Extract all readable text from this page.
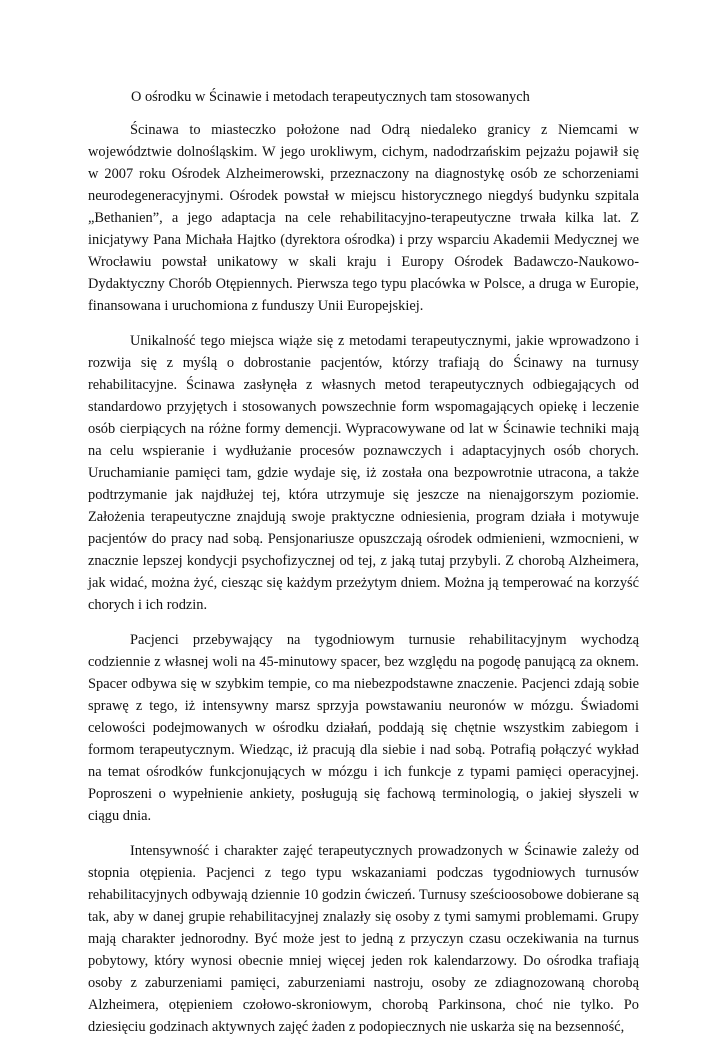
O ośrodku w Ścinawie i metodach terapeutycznych tam stosowanych

Ścinawa to miasteczko położone nad Odrą niedaleko granicy z Niemcami w województwie dolnośląskim. W jego urokliwym, cichym, nadodrzańskim pejzażu pojawił się w 2007 roku Ośrodek Alzheimerowski, przeznaczony na diagnostykę osób ze schorzeniami neurodegeneracyjnymi. Ośrodek powstał w miejscu historycznego niegdyś budynku szpitala „Bethanien”, a jego adaptacja na cele rehabilitacyjno-terapeutyczne trwała kilka lat. Z inicjatywy Pana Michała Hajtko (dyrektora ośrodka) i przy wsparciu Akademii Medycznej we Wrocławiu powstał unikatowy w skali kraju i Europy Ośrodek Badawczo-Naukowo-Dydaktyczny Chorób Otępiennych. Pierwsza tego typu placówka w Polsce, a druga w Europie, finansowana i uruchomiona z funduszy Unii Europejskiej.

Unikalność tego miejsca wiąże się z metodami terapeutycznymi, jakie wprowadzono i rozwija się z myślą o dobrostanie pacjentów, którzy trafiają do Ścinawy na turnusy rehabilitacyjne. Ścinawa zasłynęła z własnych metod terapeutycznych odbiegających od standardowo przyjętych i stosowanych powszechnie form wspomagających opiekę i leczenie osób cierpiących na różne formy demencji. Wypracowywane od lat w Ścinawie techniki mają na celu wspieranie i wydłużanie procesów poznawczych i adaptacyjnych osób chorych. Uruchamianie pamięci tam, gdzie wydaje się, iż została ona bezpowrotnie utracona, a także podtrzymanie jak najdłużej tej, która utrzymuje się jeszcze na nienajgorszym poziomie. Założenia terapeutyczne znajdują swoje praktyczne odniesienia, program działa i motywuje pacjentów do pracy nad sobą. Pensjonariusze opuszczają ośrodek odmienieni, wzmocnieni, w znacznie lepszej kondycji psychofizycznej od tej, z jaką tutaj przybyli. Z chorobą Alzheimera, jak widać, można żyć, ciesząc się każdym przeżytym dniem. Można ją temperować na korzyść chorych i ich rodzin.

Pacjenci przebywający na tygodniowym turnusie rehabilitacyjnym wychodzą codziennie z własnej woli na 45-minutowy spacer, bez względu na pogodę panującą za oknem. Spacer odbywa się w szybkim tempie, co ma niebezpodstawne znaczenie. Pacjenci zdają sobie sprawę z tego, iż intensywny marsz sprzyja powstawaniu neuronów w mózgu. Świadomi celowości podejmowanych w ośrodku działań, poddają się chętnie wszystkim zabiegom i formom terapeutycznym. Wiedząc, iż pracują dla siebie i nad sobą. Potrafią połączyć wykład na temat ośrodków funkcjonujących w mózgu i ich funkcje z typami pamięci operacyjnej. Poproszeni o wypełnienie ankiety, posługują się fachową terminologią, o jakiej słyszeli w ciągu dnia.

Intensywność i charakter zajęć terapeutycznych prowadzonych w Ścinawie zależy od stopnia otępienia. Pacjenci z tego typu wskazaniami podczas tygodniowych turnusów rehabilitacyjnych odbywają dziennie 10 godzin ćwiczeń. Turnusy sześcioosobowe dobierane są tak, aby w danej grupie rehabilitacyjnej znalazły się osoby z tymi samymi problemami. Grupy mają charakter jednorodny. Być może jest to jedną z przyczyn czasu oczekiwania na turnus pobytowy, który wynosi obecnie mniej więcej jeden rok kalendarzowy. Do ośrodka trafiają osoby z zaburzeniami pamięci, zaburzeniami nastroju, osoby ze zdiagnozowaną chorobą Alzheimera, otępieniem czołowo-skroniowym, chorobą Parkinsona, choć nie tylko. Po dziesięciu godzinach aktywnych zajęć żaden z podopiecznych nie uskarża się na bezsenność,
